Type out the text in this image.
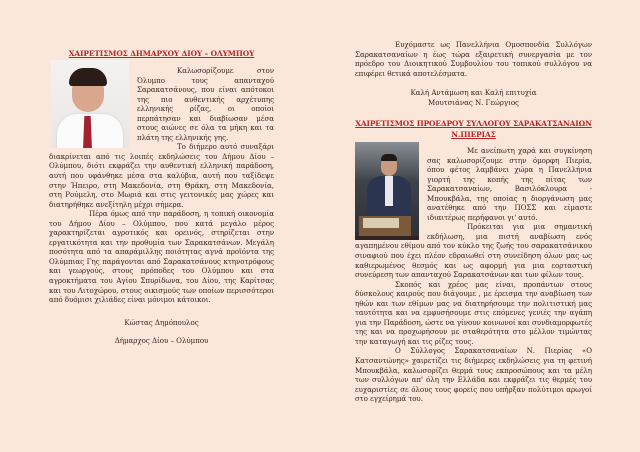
ΧΑΙΡΕΤΙΣΜΟΣ ΔΗΜΑΡΧΟΥ ΔΙΟΥ – ΟΛΥΜΠΟΥ

Καλωσορίζουμε στον Όλυμπο τους απανταχού Σαρακατσάνους, που είναι απότοκοι της πιο αυθεντικής αρχέτυπης ελληνικής ρίζας, οι οποίοι περπάτησαν και διαβίωσαν μέσα στους αιώνες σε όλα τα μήκη και τα πλάτη της ελληνικής γης.

Το διήμερο αυτό συναξάρι διακρίνεται από τις λοιπές εκδηλώσεις του Δήμου Δίου – Ολύμπου, διότι εκφράζει την αυθεντική ελληνική παράδοση, αυτή που υφάνθηκε μέσα στα καλύβια, αυτή που ταξίδεψε στην Ήπειρο, στη Μακεδονία, στη Θράκη, στη Μακεδονία, στη Ρούμελη, στο Μωριά και στις γειτονικές μας χώρες και διατηρήθηκε ανεξίτηλη μέχρι σήμερα.

Πέρα όμως από την παράδοση, η τοπική οικονομία του Δήμου Δίου – Ολύμπου, που κατά μεγάλο μέρος χαρακτηρίζεται αγροτικός και ορεινός, στηρίζεται στην εργατικότητα και την προθυμία των Σαρακατσάνων. Μεγάλη ποσότητα από τα απαράμιλλης ποιότητας αγνά προϊόντα της Ολύμπιας Γης παράγονται από Σαρακατσάνους κτηνοτρόφους και γεωργούς, στους πρόποδες του Ολύμπου και στα αγροκτήματα του Αγίου Σπυρίδωνα, του Δίου, της Καρίτσας και του Λιτοχώρου, στους οικισμούς των οποίων περισσότεροι από δυόμισι χιλιάδες είναι μόνιμοι κάτοικοι.

Κώστας Δημόπουλος

Δήμαρχος Δίου – Ολύμπου

Ευχόμαστε ως Πανελλήνια Ομοσπονδία Συλλόγων Σαρακατσαναίων η έως τώρα εξαιρετική συνεργασία με τον πρόεδρο του Διοικητικού Συμβουλίου του τοπικού συλλόγου να επιφέρει θετικά αποτελέσματα.

Καλή Αντάμωση και Καλή επιτυχία

Μουτσιάνας Ν. Γεώργιος

ΧΑΙΡΕΤΙΣΜΟΣ ΠΡΟΕΔΡΟΥ ΣΥΛΛΟΓΟΥ ΣΑΡΑΚΑΤΣΑΝΑΙΩΝ Ν.ΠΙΕΡΙΑΣ

Με ανείπωτη χαρά και συγκίνηση σας καλωσορίζουμε στην όμορφη Πιερία, όπου φέτος λαμβάνει χώρα η Πανελλήνια γιορτή της κοπής της πίτας των Σαρακατσαναίων, Βασιλόκλουρα - Μπουκβάλα, της οποίας η διοργάνωση μας ανατέθηκε από την ΠΟΣΣ και είμαστε ιδιαιτέρως περήφανοι γι' αυτό.

Πρόκειται για μια σημαντική εκδήλωση, μια πιστή αναβίωση ενός αγαπημένου εθίμου από τον κύκλο της ζωής του σαρακατσάνικου σιναφιού που έχει πλέον εδραιωθεί στη συνείδηση όλων μας ως καθιερωμένος θεσμός και ως αφορμή για μια εορταστική συνεύρεση των απανταχού Σαρακατσάνων και των φίλων τους.

Σκοπός και χρέος μας είναι, προπάντων στους δύσκολους καιρούς που διάγουμε , με έρεισμα την αναβίωση των ηθών και των εθίμων μας να διατηρήσουμε την πολιτιστική μας ταυτότητα και να εμφυσήσουμε στις επόμενες γενιές την αγάπη για την Παράδοση, ώστε να γίνουν κοινωνοί και συνδιαμορφωτές της και να προχωρήσουν με σταθερότητα στο μέλλον τιμώντας την καταγωγή και τις ρίζες τους.

Ο Σύλλογος Σαρακατσαναίων Ν. Πιερίας «Ο Κατσαντώνης» χαιρετίζει τις διήμερες εκδηλώσεις για τη φετινή Μπουκβάλα, καλωσορίζει θερμά τους εκπροσώπους και τα μέλη των συλλόγων απ' όλη την Ελλάδα και εκφράζει τις θερμές του ευχαριστίες σε όλους τους φορείς που υπήρξαν πολύτιμοι αρωγοί στο εγχείρημά του.
